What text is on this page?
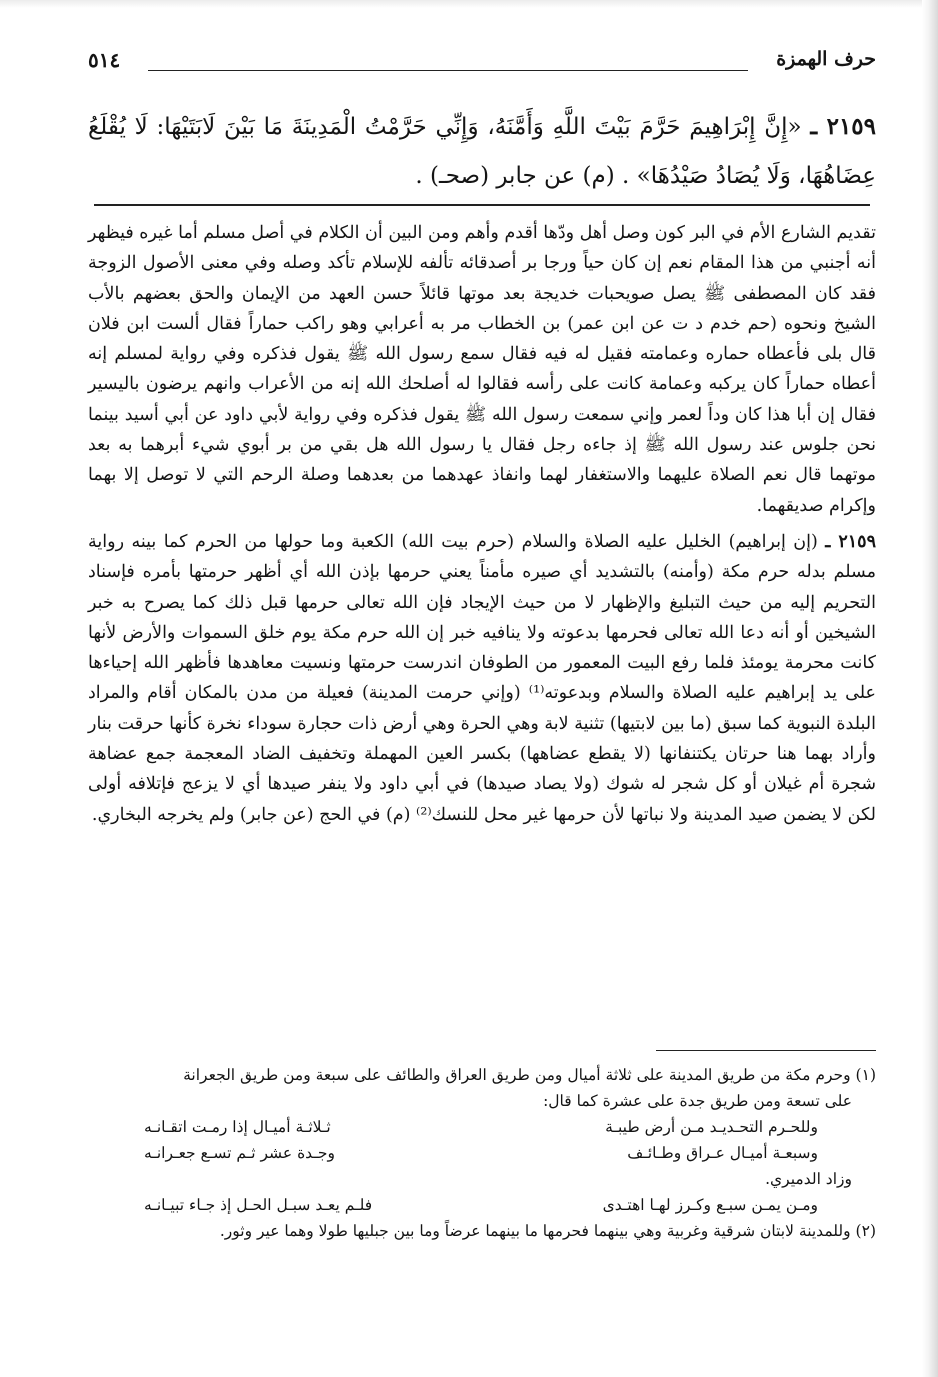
حرف الهمزة
٥١٤
٢١٥٩ ـ «إِنَّ إِبْرَاهِيمَ حَرَّمَ بَيْتَ اللَّهِ وَأَمَّنَهُ، وَإِنِّي حَرَّمْتُ الْمَدِينَةَ مَا بَيْنَ لَابَتَيْهَا: لَا يُقْلَعُ عِضَاهُهَا، وَلَا يُصَادُ صَيْدُهَا» . (م) عن جابر (صحـ) .

تقديم الشارع الأم في البر كون وصل أهل ودّها أقدم وأهم ومن البين أن الكلام في أصل مسلم أما غيره فيظهر أنه أجنبي من هذا المقام نعم إن كان حياً ورجا بر أصدقائه تألفه للإسلام تأكد وصله وفي معنى الأصول الزوجة فقد كان المصطفى ﷺ يصل صويحبات خديجة بعد موتها قائلاً حسن العهد من الإيمان والحق بعضهم بالأب الشيخ ونحوه (حم خدم د ت عن ابن عمر) بن الخطاب مر به أعرابي وهو راكب حماراً فقال ألست ابن فلان قال بلى فأعطاه حماره وعمامته فقيل له فيه فقال سمع رسول الله ﷺ يقول فذكره وفي رواية لمسلم إنه أعطاه حماراً كان يركبه وعمامة كانت على رأسه فقالوا له أصلحك الله إنه من الأعراب وانهم يرضون باليسير فقال إن أبا هذا كان وداً لعمر وإني سمعت رسول الله ﷺ يقول فذكره وفي رواية لأبي داود عن أبي أسيد بينما نحن جلوس عند رسول الله ﷺ إذ جاءه رجل فقال يا رسول الله هل بقي من بر أبوي شيء أبرهما به بعد موتهما قال نعم الصلاة عليهما والاستغفار لهما وانفاذ عهدهما من بعدهما وصلة الرحم التي لا توصل إلا بهما وإكرام صديقهما.

٢١٥٩ ـ (إن إبراهيم) الخليل عليه الصلاة والسلام (حرم بيت الله) الكعبة وما حولها من الحرم كما بينه رواية مسلم بدله حرم مكة (وأمنه) بالتشديد أي صيره مأمناً يعني حرمها بإذن الله أي أظهر حرمتها بأمره فإسناد التحريم إليه من حيث التبليغ والإظهار لا من حيث الإيجاد فإن الله تعالى حرمها قبل ذلك كما يصرح به خبر الشيخين أو أنه دعا الله تعالى فحرمها بدعوته ولا ينافيه خبر إن الله حرم مكة يوم خلق السموات والأرض لأنها كانت محرمة يومئذ فلما رفع البيت المعمور من الطوفان اندرست حرمتها ونسيت معاهدها فأظهر الله إحياءها على يد إبراهيم عليه الصلاة والسلام وبدعوته⁽¹⁾ (وإني حرمت المدينة) فعيلة من مدن بالمكان أقام والمراد البلدة النبوية كما سبق (ما بين لابتيها) تثنية لابة وهي الحرة وهي أرض ذات حجارة سوداء نخرة كأنها حرقت بنار وأراد بهما هنا حرتان يكتنفانها (لا يقطع عضاهها) بكسر العين المهملة وتخفيف الضاد المعجمة جمع عضاهة شجرة أم غيلان أو كل شجر له شوك (ولا يصاد صيدها) في أبي داود ولا ينفر صيدها أي لا يزعج فإتلافه أولى لكن لا يضمن صيد المدينة ولا نباتها لأن حرمها غير محل للنسك⁽²⁾ (م) في الحج (عن جابر) ولم يخرجه البخاري.

(١) وحرم مكة من طريق المدينة على ثلاثة أميال ومن طريق العراق والطائف على سبعة ومن طريق الجعرانة
على تسعة ومن طريق جدة على عشرة كما قال:
وللحـرم التحـديـد مـن أرض طيبـة
ثـلاثـة أميـال إذا رمـت اتقـانـه
وسبعـة أميـال عـراق وطـائـف
وجـدة عشر ثـم تسـع جعـرانـه
وزاد الدميري.
ومـن يمـن سبـع وكـرز لهـا اهتـدى
فلـم يعـد سبـل الحـل إذ جـاء تبيـانـه
(٢) وللمدينة لابتان شرقية وغربية وهي بينهما فحرمها ما بينهما عرضاً وما بين جبليها طولا وهما عير وثور.
